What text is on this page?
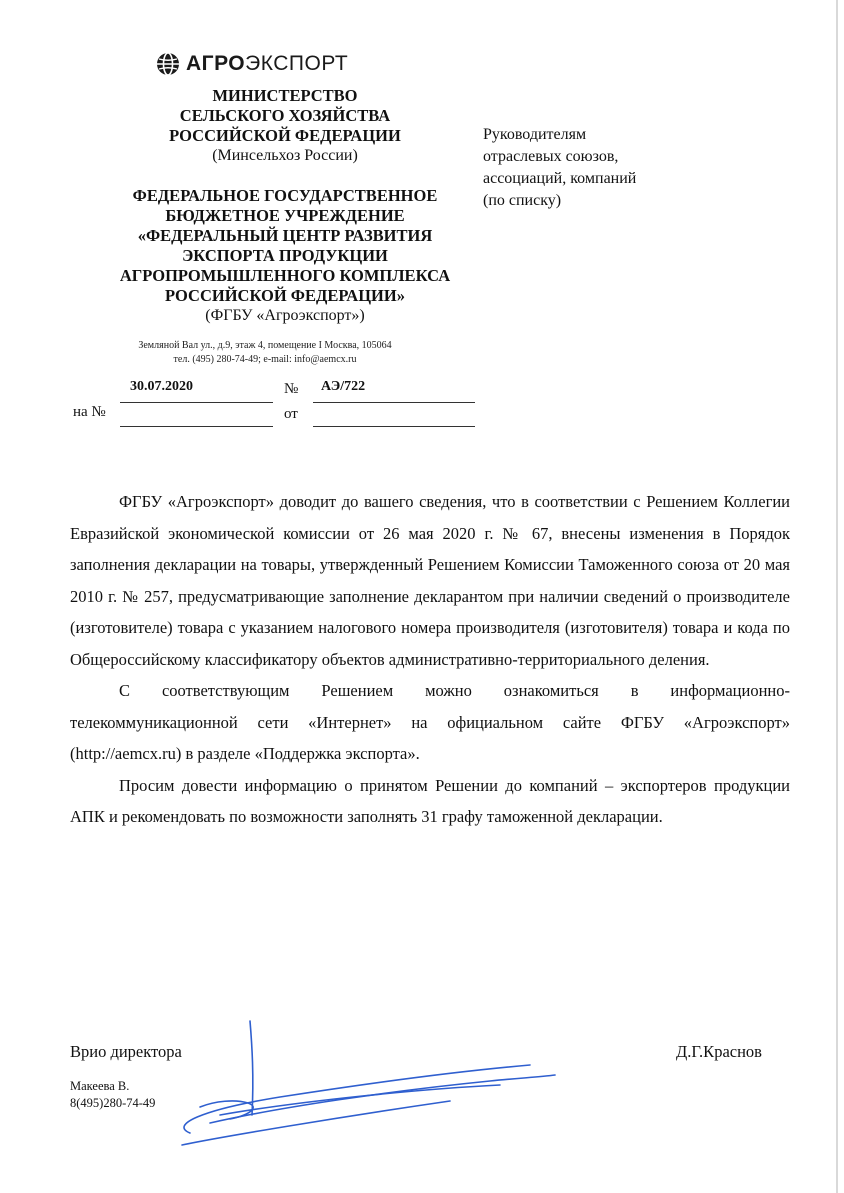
АГРОЭКСПОРТ
МИНИСТЕРСТВО
СЕЛЬСКОГО ХОЗЯЙСТВА
РОССИЙСКОЙ ФЕДЕРАЦИИ
(Минсельхоз России)
ФЕДЕРАЛЬНОЕ ГОСУДАРСТВЕННОЕ
БЮДЖЕТНОЕ УЧРЕЖДЕНИЕ
«ФЕДЕРАЛЬНЫЙ ЦЕНТР РАЗВИТИЯ
ЭКСПОРТА ПРОДУКЦИИ
АГРОПРОМЫШЛЕННОГО КОМПЛЕКСА
РОССИЙСКОЙ ФЕДЕРАЦИИ»
(ФГБУ «Агроэкспорт»)
Земляной Вал ул., д.9, этаж 4, помещение I Москва, 105064
тел. (495) 280-74-49; e-mail: info@aemcx.ru
30.07.2020	№ АЭ/722
на №	от
Руководителям
отраслевых союзов,
ассоциаций, компаний
(по списку)

ФГБУ «Агроэкспорт» доводит до вашего сведения, что в соответствии с Решением Коллегии Евразийской экономической комиссии от 26 мая 2020 г. № 67, внесены изменения в Порядок заполнения декларации на товары, утвержденный Решением Комиссии Таможенного союза от 20 мая 2010 г. № 257, предусматривающие заполнение декларантом при наличии сведений о производителе (изготовителе) товара с указанием налогового номера производителя (изготовителя) товара и кода по Общероссийскому классификатору объектов административно-территориального деления.

С соответствующим Решением можно ознакомиться в информационно-телекоммуникационной сети «Интернет» на официальном сайте ФГБУ «Агроэкспорт» (http://aemcx.ru) в разделе «Поддержка экспорта».

Просим довести информацию о принятом Решении до компаний – экспортеров продукции АПК и рекомендовать по возможности заполнять 31 графу таможенной декларации.

Врио директора	Д.Г.Краснов
Макеева В.
8(495)280-74-49
